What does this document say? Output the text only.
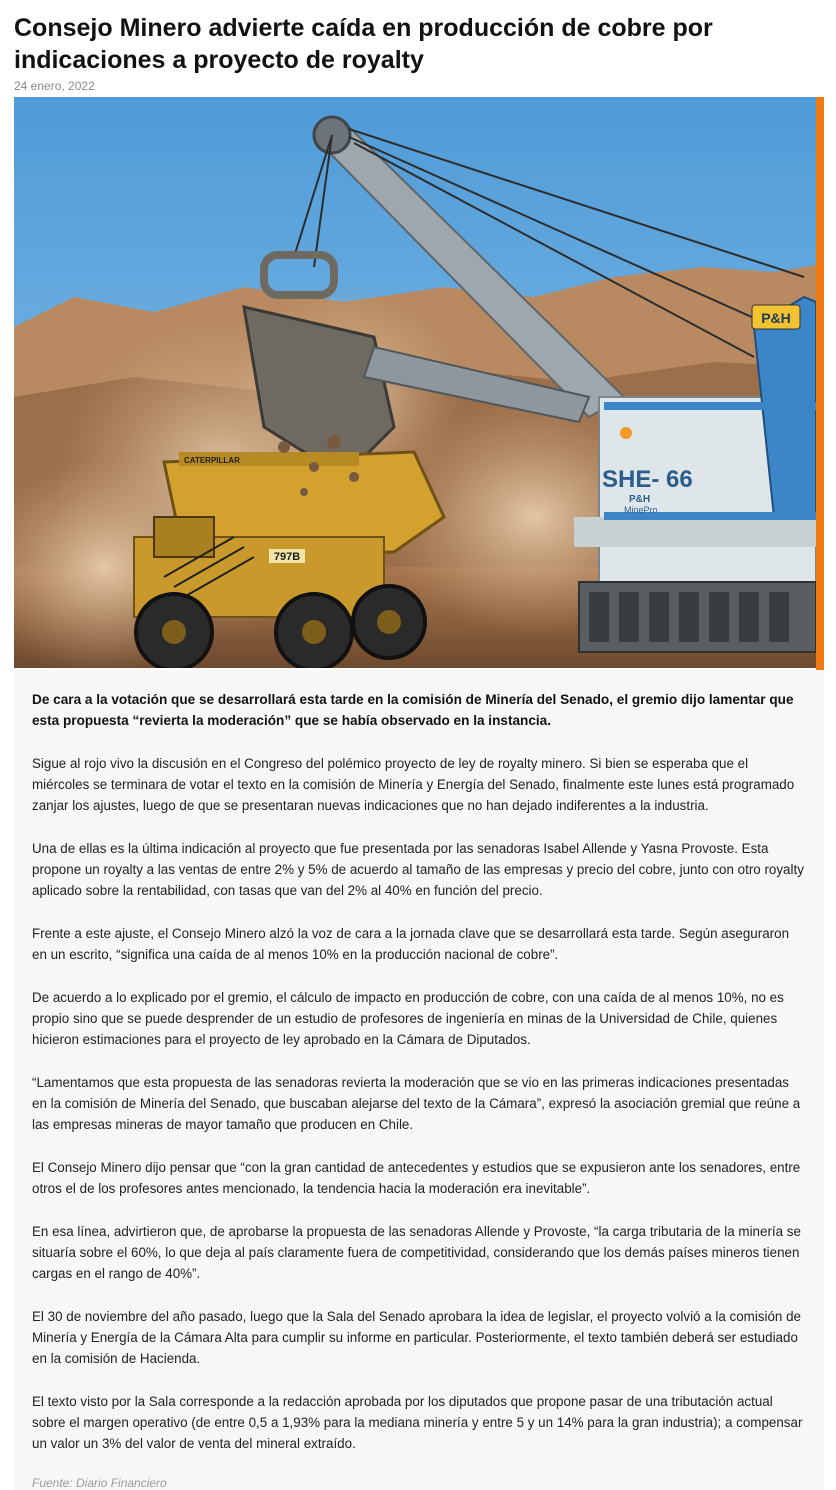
Consejo Minero advierte caída en producción de cobre por indicaciones a proyecto de royalty
24 enero, 2022
P&H
SHE- 66
P&H
MinePro
CATERPILLAR
797B

De cara a la votación que se desarrollará esta tarde en la comisión de Minería del Senado, el gremio dijo lamentar que esta propuesta “revierta la moderación” que se había observado en la instancia.

Sigue al rojo vivo la discusión en el Congreso del polémico proyecto de ley de royalty minero. Si bien se esperaba que el miércoles se terminara de votar el texto en la comisión de Minería y Energía del Senado, finalmente este lunes está programado zanjar los ajustes, luego de que se presentaran nuevas indicaciones que no han dejado indiferentes a la industria.

Una de ellas es la última indicación al proyecto que fue presentada por las senadoras Isabel Allende y Yasna Provoste. Esta propone un royalty a las ventas de entre 2% y 5% de acuerdo al tamaño de las empresas y precio del cobre, junto con otro royalty aplicado sobre la rentabilidad, con tasas que van del 2% al 40% en función del precio.

Frente a este ajuste, el Consejo Minero alzó la voz de cara a la jornada clave que se desarrollará esta tarde. Según aseguraron en un escrito, “significa una caída de al menos 10% en la producción nacional de cobre”.

De acuerdo a lo explicado por el gremio, el cálculo de impacto en producción de cobre, con una caída de al menos 10%, no es propio sino que se puede desprender de un estudio de profesores de ingeniería en minas de la Universidad de Chile, quienes hicieron estimaciones para el proyecto de ley aprobado en la Cámara de Diputados.

“Lamentamos que esta propuesta de las senadoras revierta la moderación que se vio en las primeras indicaciones presentadas en la comisión de Minería del Senado, que buscaban alejarse del texto de la Cámara”, expresó la asociación gremial que reúne a las empresas mineras de mayor tamaño que producen en Chile.

El Consejo Minero dijo pensar que “con la gran cantidad de antecedentes y estudios que se expusieron ante los senadores, entre otros el de los profesores antes mencionado, la tendencia hacia la moderación era inevitable”.

En esa línea, advirtieron que, de aprobarse la propuesta de las senadoras Allende y Provoste, “la carga tributaria de la minería se situaría sobre el 60%, lo que deja al país claramente fuera de competitividad, considerando que los demás países mineros tienen cargas en el rango de 40%”.

El 30 de noviembre del año pasado, luego que la Sala del Senado aprobara la idea de legislar, el proyecto volvió a la comisión de Minería y Energía de la Cámara Alta para cumplir su informe en particular. Posteriormente, el texto también deberá ser estudiado en la comisión de Hacienda.

El texto visto por la Sala corresponde a la redacción aprobada por los diputados que propone pasar de una tributación actual sobre el margen operativo (de entre 0,5 a 1,93% para la mediana minería y entre 5 y un 14% para la gran industria); a compensar un valor un 3% del valor de venta del mineral extraído.

Fuente: Diario Financiero
